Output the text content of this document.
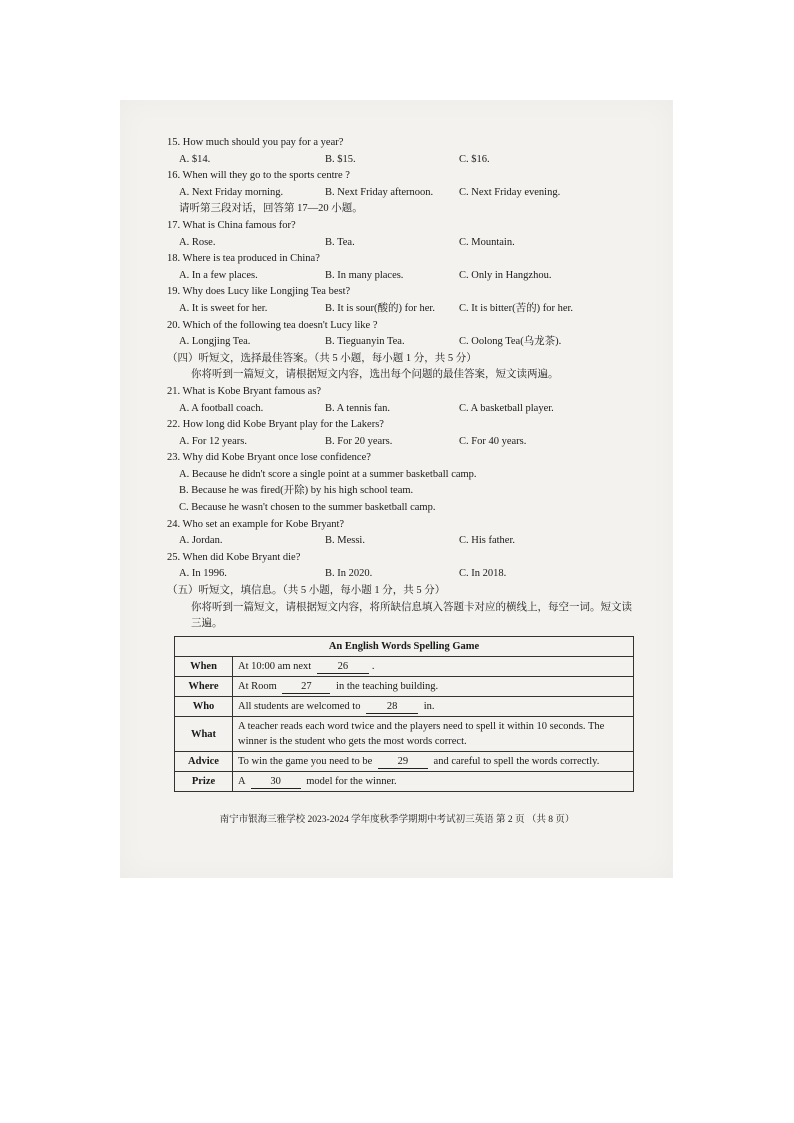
15. How much should you pay for a year?
A. $14.	B. $15.	C. $16.
16. When will they go to the sports centre ?
A. Next Friday morning.	B. Next Friday afternoon. C. Next Friday evening.
请听第三段对话，回答第 17—20 小题。
17. What is China famous for?
A. Rose.	B. Tea.	C. Mountain.
18. Where is tea produced in China?
A. In a few places.	B. In many places.	C. Only in Hangzhou.
19. Why does Lucy like Longjing Tea best?
A. It is sweet for her.	B. It is sour(酸的) for her. C. It is bitter(苦的) for her.
20. Which of the following tea doesn't Lucy like ?
A. Longjing Tea.	B. Tieguanyin Tea.	C. Oolong Tea(乌龙茶).
（四）听短文，选择最佳答案。（共 5 小题，每小题 1 分，共 5 分）
你将听到一篇短文，请根据短文内容，选出每个问题的最佳答案，短文读两遍。
21. What is Kobe Bryant famous as?
A. A football coach.	B. A tennis fan.	C. A basketball player.
22. How long did Kobe Bryant play for the Lakers?
A. For 12 years.	B. For 20 years.	C. For 40 years.
23. Why did Kobe Bryant once lose confidence?
A. Because he didn't score a single point at a summer basketball camp.
B. Because he was fired(开除) by his high school team.
C. Because he wasn't chosen to the summer basketball camp.
24. Who set an example for Kobe Bryant?
A. Jordan.	B. Messi.	C. His father.
25. When did Kobe Bryant die?
A. In 1996.	B. In 2020.	C. In 2018.
（五）听短文，填信息。（共 5 小题，每小题 1 分，共 5 分）
你将听到一篇短文，请根据短文内容，将所缺信息填入答题卡对应的横线上，每空一词。短文读三遍。
An English Words Spelling Game	
When	At 10:00 am next 26 .
Where	At Room 27 in the teaching building.
Who	All students are welcomed to 28 in.
What	A teacher reads each word twice and the players need to spell it within 10 seconds. The winner is the student who gets the most words correct.
Advice	To win the game you need to be 29 and careful to spell the words correctly.
Prize	A 30 model for the winner.
南宁市银海三雅学校 2023-2024 学年度秋季学期期中考试初三英语 第 2 页 （共 8 页）
